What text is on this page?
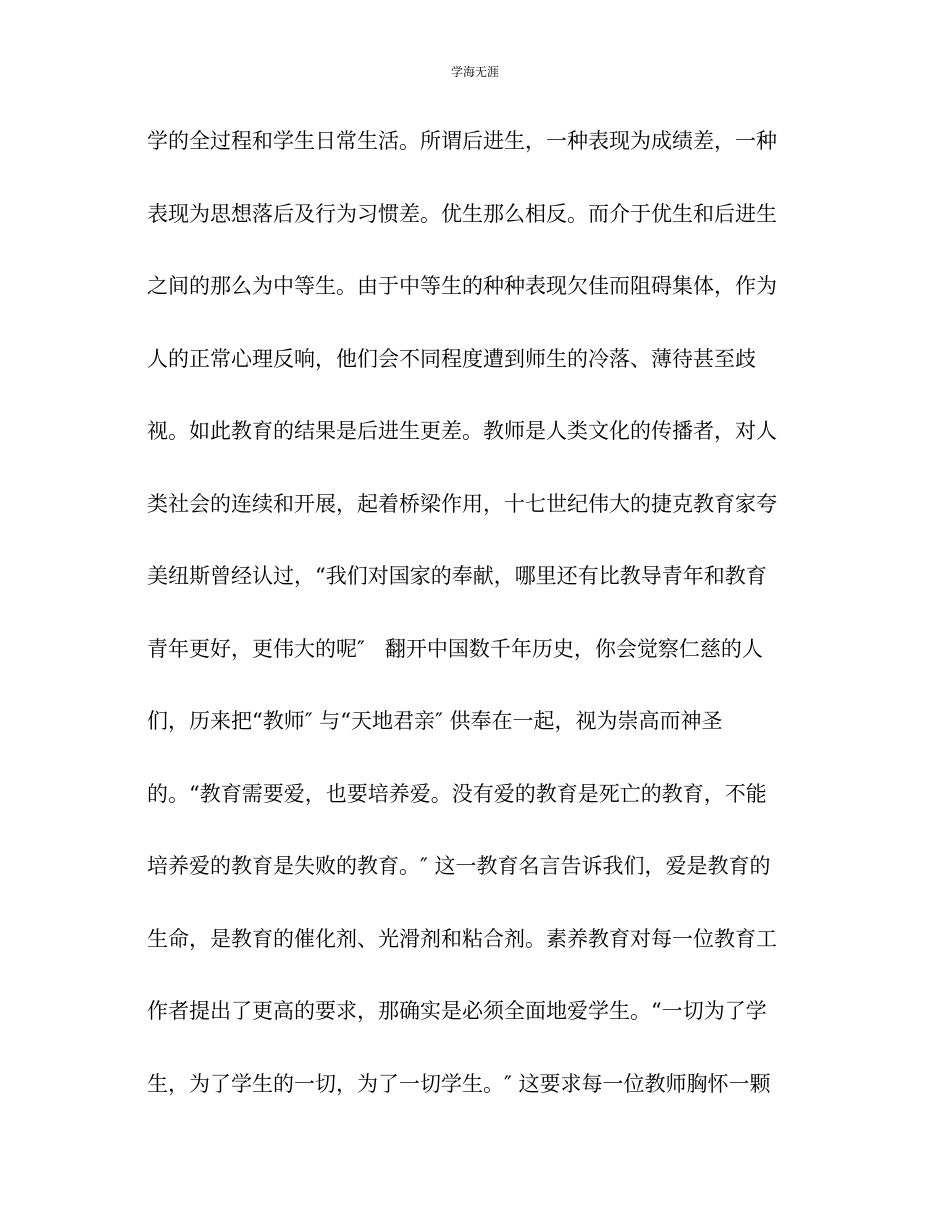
学海无涯
学的全过程和学生日常生活。所谓后进生，一种表现为成绩差，一种
表现为思想落后及行为习惯差。优生那么相反。而介于优生和后进生
之间的那么为中等生。由于中等生的种种表现欠佳而阻碍集体，作为
人的正常心理反响，他们会不同程度遭到师生的冷落、薄待甚至歧
视。如此教育的结果是后进生更差。教师是人类文化的传播者，对人
类社会的连续和开展，起着桥梁作用，十七世纪伟大的捷克教育家夸
美纽斯曾经认过，“我们对国家的奉献，哪里还有比教导青年和教育
青年更好，更伟大的呢″   翻开中国数千年历史，你会觉察仁慈的人
们，历来把“教师″ 与“天地君亲″ 供奉在一起，视为崇高而神圣
的。“教育需要爱，也要培养爱。没有爱的教育是死亡的教育，不能
培养爱的教育是失败的教育。″ 这一教育名言告诉我们，爱是教育的
生命，是教育的催化剂、光滑剂和粘合剂。素养教育对每一位教育工
作者提出了更高的要求，那确实是必须全面地爱学生。“一切为了学
生，为了学生的一切，为了一切学生。″ 这要求每一位教师胸怀一颗
